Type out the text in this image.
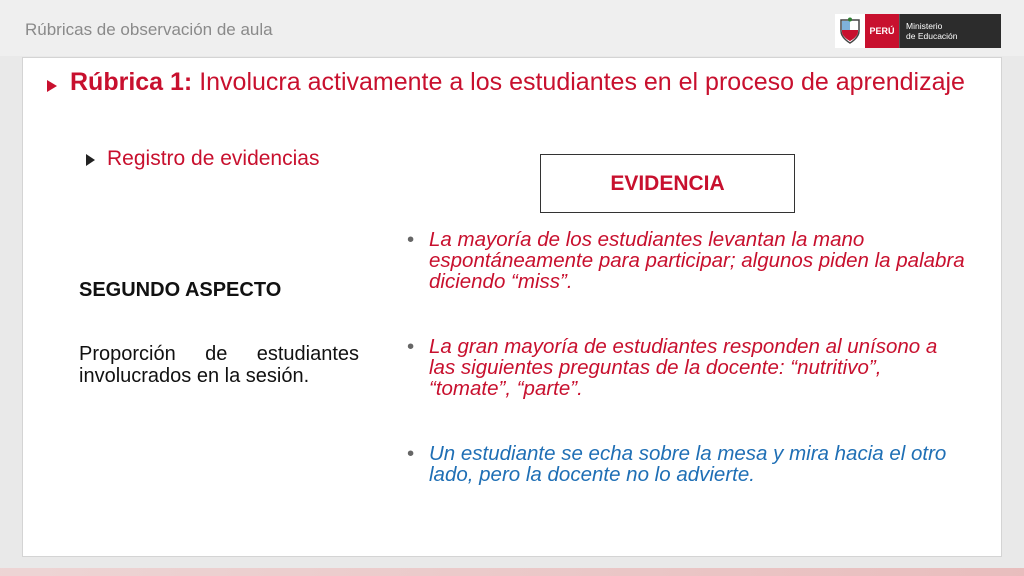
Rúbricas de observación de aula	PERÚ	Ministerio
de Educación
Rúbrica 1: Involucra activamente a los estudiantes en el proceso de aprendizaje
Registro de evidencias
EVIDENCIA
SEGUNDO ASPECTO
Proporción de estudiantes involucrados en la sesión.
• La mayoría de los estudiantes levantan la mano espontáneamente para participar; algunos piden la palabra diciendo “miss”.
• La gran mayoría de estudiantes responden al unísono a las siguientes preguntas de la docente: “nutritivo”, “tomate”, “parte”.
• Un estudiante se echa sobre la mesa y mira hacia el otro lado, pero la docente no lo advierte.
